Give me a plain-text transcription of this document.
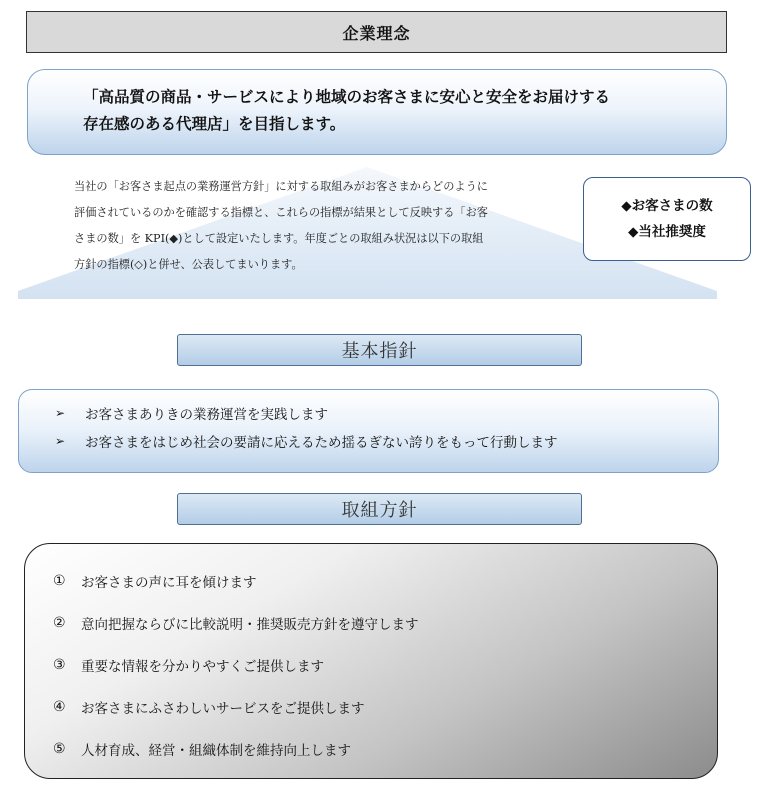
企業理念
「高品質の商品・サービスにより地域のお客さまに安心と安全をお届けする
存在感のある代理店」を目指します。
当社の「お客さま起点の業務運営方針」に対する取組みがお客さまからどのように
評価されているのかを確認する指標と、これらの指標が結果として反映する「お客
さまの数」を KPI(◆)として設定いたします。年度ごとの取組み状況は以下の取組
方針の指標(◇)と併せ、公表してまいります。
◆お客さまの数
◆当社推奨度
基本指針
➢	お客さまありきの業務運営を実践します
➢	お客さまをはじめ社会の要請に応えるため揺るぎない誇りをもって行動します
取組方針
①	お客さまの声に耳を傾けます
②	意向把握ならびに比較説明・推奨販売方針を遵守します
③	重要な情報を分かりやすくご提供します
④	お客さまにふさわしいサービスをご提供します
⑤	人材育成、経営・組織体制を維持向上します
